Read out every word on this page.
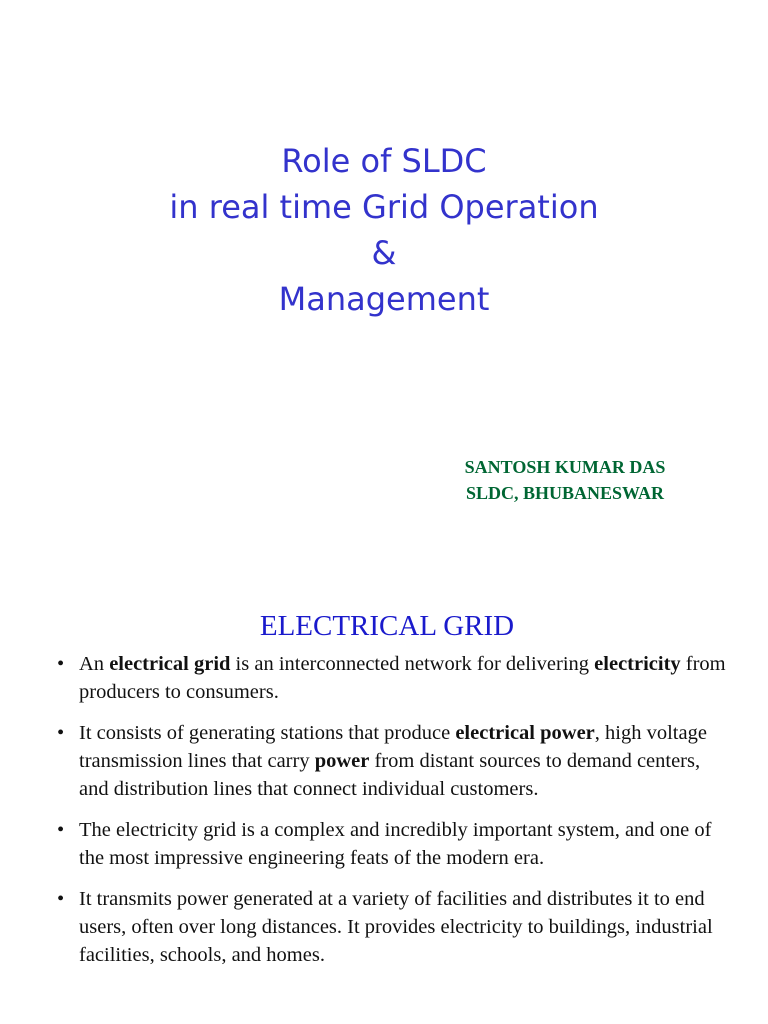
Role of SLDC
in real time Grid Operation
&
Management
SANTOSH KUMAR DAS
SLDC, BHUBANESWAR
ELECTRICAL GRID
• An electrical grid is an interconnected network for delivering electricity from producers to consumers.
• It consists of generating stations that produce electrical power, high voltage transmission lines that carry power from distant sources to demand centers, and distribution lines that connect individual customers.
• The electricity grid is a complex and incredibly important system, and one of the most impressive engineering feats of the modern era.
• It transmits power generated at a variety of facilities and distributes it to end users, often over long distances. It provides electricity to buildings, industrial facilities, schools, and homes.
